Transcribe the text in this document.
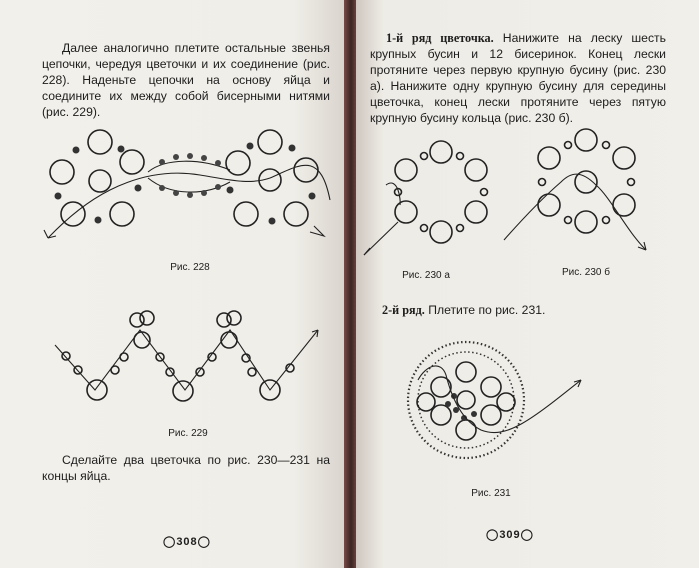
Далее аналогично плетите остальные звенья цепочки, чередуя цветочки и их соединение (рис. 228). Наденьте цепочки на основу яйца и соедините их между собой бисерными нитями (рис. 229).
Рис. 228
Рис. 229
Сделайте два цветочка по рис. 230—231 на концы яйца.
◯308◯
1-й ряд цветочка. Нанижите на леску шесть крупных бусин и 12 бисеринок. Конец лески протяните через первую крупную бусину (рис. 230 а). Нанижите одну крупную бусину для середины цветочка, конец лески протяните через пятую крупную бусину кольца (рис. 230 б).
Рис. 230 а	Рис. 230 б
2-й ряд. Плетите по рис. 231.
Рис. 231
◯309◯
